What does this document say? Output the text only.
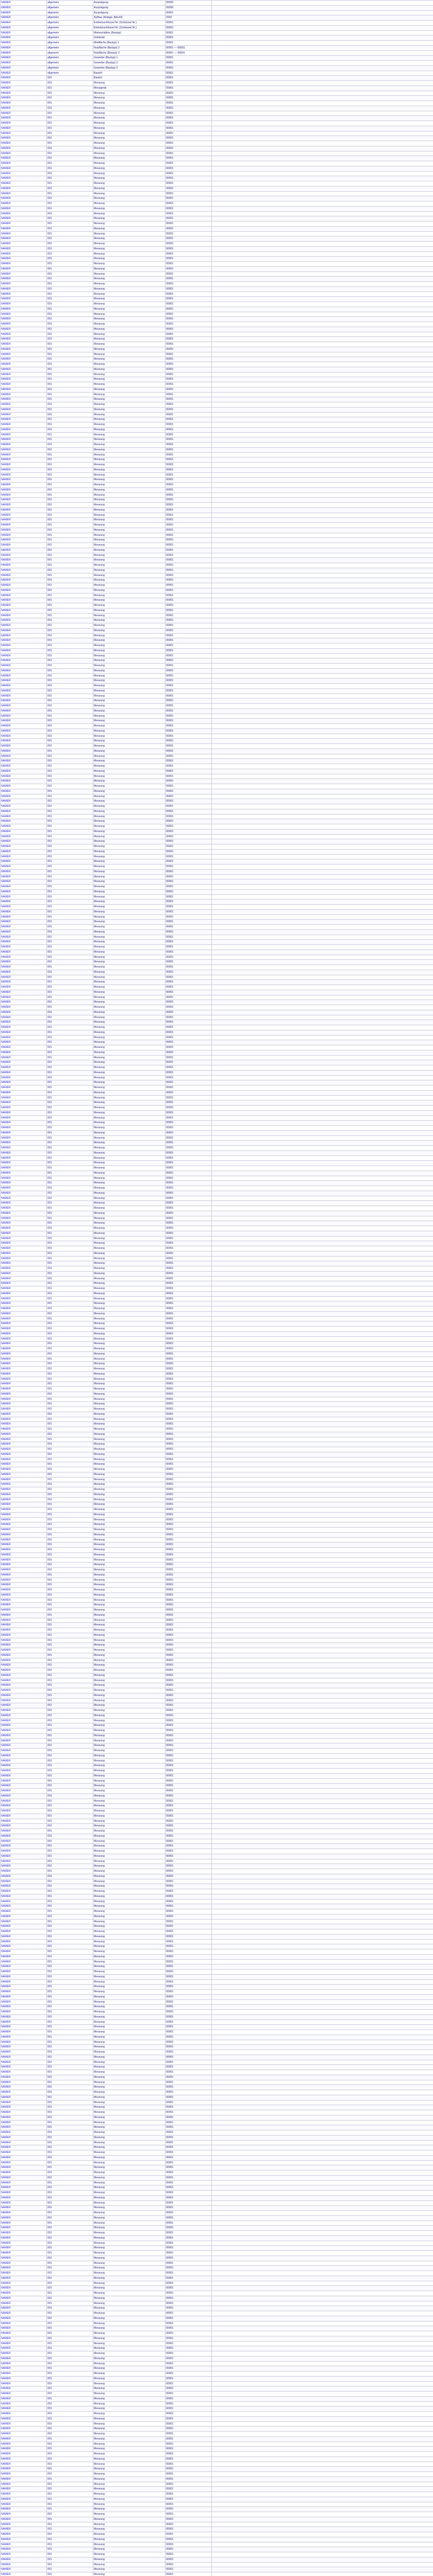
NAMER	allgemein	Ausprägung	00000	
NAMER	allgemein	Ausprägung	00000	
NAMER	allgemein	Ausprägung	00001	
NAMER	allgemein	Aufbau (Anlage, Bds-Kl)	2002	
NAMER	allgemein	Einheitsschlüssel Nr. (Schlüssel Nr.)	00001	
NAMER	allgemein	Einheitsschlüssel Nr. (Schlüssel Nr.)	00001	
NAMER	allgemein	Mietverhältnis (Bautyp)	00001	
NAMER	allgemein	Gebäude	00001	
NAMER	allgemein	Mietfläche (Bautyp) 1	00001	
NAMER	allgemein	Nutzfläche (Bautyp) 2	00001 — 00001	
NAMER	allgemein	Nutzfläche (Bautyp) 3	00001 — 00001	
NAMER	allgemein	Gewerbe (Bautyp) 1	00001	
NAMER	allgemein	Gewerbe (Bautyp) 2	00001	
NAMER	allgemein	Gewerbe (Bautyp) 3	00001	
NAMER	allgemein	Bauteil	00001	
NAMER	001	Bauteil	00001	
NAMER	001	Messung	00001	
NAMER	001	Messgerät	00001	
NAMER	001	Messung	00001	
NAMER	001	Messung	00001	
NAMER	001	Messung	00001	
NAMER	001	Messung	00001	
NAMER	001	Messung	00001	
NAMER	001	Messung	00001	
NAMER	001	Messung	00001	
NAMER	001	Messung	00001	
NAMER	001	Messung	00001	
NAMER	001	Messung	00001	
NAMER	001	Messung	00001	
NAMER	001	Messung	00001	
NAMER	001	Messung	00001	
NAMER	001	Messung	00001	
NAMER	001	Messung	00001	
NAMER	001	Messung	00001	
NAMER	001	Messung	00001	
NAMER	001	Messung	00001	
NAMER	001	Messung	00001	
NAMER	001	Messung	00001	
NAMER	001	Messung	00001	
NAMER	001	Messung	00001	
NAMER	001	Messung	00001	
NAMER	001	Messung	00001	
NAMER	001	Messung	00001	
NAMER	001	Messung	00001	
NAMER	001	Messung	00001	
NAMER	001	Messung	00001	
NAMER	001	Messung	00001	
NAMER	001	Messung	00001	
NAMER	001	Messung	00001	
NAMER	001	Messung	00001	
NAMER	001	Messung	00001	
NAMER	001	Messung	00001	
NAMER	001	Messung	00001	
NAMER	001	Messung	00001	
NAMER	001	Messung	00001	
NAMER	001	Messung	00001	
NAMER	001	Messung	00001	
NAMER	001	Messung	00001	
NAMER	001	Messung	00001	
NAMER	001	Messung	00001	
NAMER	001	Messung	00001	
NAMER	001	Messung	00001	
NAMER	001	Messung	00001	
NAMER	001	Messung	00001	
NAMER	001	Messung	00001	
NAMER	001	Messung	00001	
NAMER	001	Messung	00001	
NAMER	001	Messung	00001	
NAMER	001	Messung	00001	
NAMER	001	Messung	00001	
NAMER	001	Messung	00001	
NAMER	001	Messung	00001	
NAMER	001	Messung	00001	
NAMER	001	Messung	00001	
NAMER	001	Messung	00001	
NAMER	001	Messung	00001	
NAMER	001	Messung	00001	
NAMER	001	Messung	00001	
NAMER	001	Messung	00001	
NAMER	001	Messung	00001	
NAMER	001	Messung	00001	
NAMER	001	Messung	00001	
NAMER	001	Messung	00001	
NAMER	001	Messung	00001	
NAMER	001	Messung	00001	
NAMER	001	Messung	00001	
NAMER	001	Messung	00001	
NAMER	001	Messung	00001	
NAMER	001	Messung	00001	
NAMER	001	Messung	00001	
NAMER	001	Messung	00001	
NAMER	001	Messung	00001	
NAMER	001	Messung	00001	
NAMER	001	Messung	00001	
NAMER	001	Messung	00001	
NAMER	001	Messung	00001	
NAMER	001	Messung	00001	
NAMER	001	Messung	00001	
NAMER	001	Messung	00001	
NAMER	001	Messung	00001	
NAMER	001	Messung	00001	
NAMER	001	Messung	00001	
NAMER	001	Messung	00001	
NAMER	001	Messung	00001	
NAMER	001	Messung	00001	
NAMER	001	Messung	00001	
NAMER	001	Messung	00001	
NAMER	001	Messung	00001	
NAMER	001	Messung	00001	
NAMER	001	Messung	00001	
NAMER	001	Messung	00001	
NAMER	001	Messung	00001	
NAMER	001	Messung	00001	
NAMER	001	Messung	00001	
NAMER	001	Messung	00001	
NAMER	001	Messung	00001	
NAMER	001	Messung	00001	
NAMER	001	Messung	00001	
NAMER	001	Messung	00001	
NAMER	001	Messung	00001	
NAMER	001	Messung	00001	
NAMER	001	Messung	00001	
NAMER	001	Messung	00001	
NAMER	001	Messung	00001	
NAMER	001	Messung	00001	
NAMER	001	Messung	00001	
NAMER	001	Messung	00001	
NAMER	001	Messung	00001	
NAMER	001	Messung	00001	
NAMER	001	Messung	00001	
NAMER	001	Messung	00001	
NAMER	001	Messung	00001	
NAMER	001	Messung	00001	
NAMER	001	Messung	00001	
NAMER	001	Messung	00001	
NAMER	001	Messung	00001	
NAMER	001	Messung	00001	
NAMER	001	Messung	00001	
NAMER	001	Messung	00001	
NAMER	001	Messung	00001	
NAMER	001	Messung	00001	
NAMER	001	Messung	00001	
NAMER	001	Messung	00001	
NAMER	001	Messung	00001	
NAMER	001	Messung	00001	
NAMER	001	Messung	00001	
NAMER	001	Messung	00001	
NAMER	001	Messung	00001	
NAMER	001	Messung	00001	
NAMER	001	Messung	00001	
NAMER	001	Messung	00001	
NAMER	001	Messung	00001	
NAMER	001	Messung	00001	
NAMER	001	Messung	00001	
NAMER	001	Messung	00001	
NAMER	001	Messung	00001	
NAMER	001	Messung	00001	
NAMER	001	Messung	00001	
NAMER	001	Messung	00001	
NAMER	001	Messung	00001	
NAMER	001	Messung	00001	
NAMER	001	Messung	00001	
NAMER	001	Messung	00001	
NAMER	001	Messung	00001	
NAMER	001	Messung	00001	
NAMER	001	Messung	00001	
NAMER	001	Messung	00001	
NAMER	001	Messung	00001	
NAMER	001	Messung	00001	
NAMER	001	Messung	00001	
NAMER	001	Messung	00001	
NAMER	001	Messung	00001	
NAMER	001	Messung	00001	
NAMER	001	Messung	00001	
NAMER	001	Messung	00001	
NAMER	001	Messung	00001	
NAMER	001	Messung	00001	
NAMER	001	Messung	00001	
NAMER	001	Messung	00001	
NAMER	001	Messung	00001	
NAMER	001	Messung	00001	
NAMER	001	Messung	00001	
NAMER	001	Messung	00001	
NAMER	001	Messung	00001	
NAMER	001	Messung	00001	
NAMER	001	Messung	00001	
NAMER	001	Messung	00001	
NAMER	001	Messung	00001	
NAMER	001	Messung	00001	
NAMER	001	Messung	00001	
NAMER	001	Messung	00001	
NAMER	001	Messung	00001	
NAMER	001	Messung	00001	
NAMER	001	Messung	00001	
NAMER	001	Messung	00001	
NAMER	001	Messung	00001	
NAMER	001	Messung	00001	
NAMER	001	Messung	00001	
NAMER	001	Messung	00001	
NAMER	001	Messung	00001	
NAMER	001	Messung	00001	
NAMER	001	Messung	00001	
NAMER	001	Messung	00001	
NAMER	001	Messung	00001	
NAMER	001	Messung	00001	
NAMER	001	Messung	00001	
NAMER	001	Messung	00001	
NAMER	001	Messung	00001	
NAMER	001	Messung	00001	
NAMER	001	Messung	00001	
NAMER	001	Messung	00001	
NAMER	001	Messung	00001	
NAMER	001	Messung	00001	
NAMER	001	Messung	00001	
NAMER	001	Messung	00001	
NAMER	001	Messung	00001	
NAMER	001	Messung	00001	
NAMER	001	Messung	00001	
NAMER	001	Messung	00001	
NAMER	001	Messung	00001	
NAMER	001	Messung	00001	
NAMER	001	Messung	00001	
NAMER	001	Messung	00001	
NAMER	001	Messung	00001	
NAMER	001	Messung	00001	
NAMER	001	Messung	00001	
NAMER	001	Messung	00001	
NAMER	001	Messung	00001	
NAMER	001	Messung	00001	
NAMER	001	Messung	00001	
NAMER	001	Messung	00001	
NAMER	001	Messung	00001	
NAMER	001	Messung	00001	
NAMER	001	Messung	00001	
NAMER	001	Messung	00001	
NAMER	001	Messung	00001	
NAMER	001	Messung	00001	
NAMER	001	Messung	00001	
NAMER	001	Messung	00001	
NAMER	001	Messung	00001	
NAMER	001	Messung	00001	
NAMER	001	Messung	00001	
NAMER	001	Messung	00001	
NAMER	001	Messung	00001	
NAMER	001	Messung	00001	
NAMER	001	Messung	00001	
NAMER	001	Messung	00001	
NAMER	001	Messung	00001	
NAMER	001	Messung	00001	
NAMER	001	Messung	00001	
NAMER	001	Messung	00001	
NAMER	001	Messung	00001	
NAMER	001	Messung	00001	
NAMER	001	Messung	00001	
NAMER	001	Messung	00001	
NAMER	001	Messung	00001	
NAMER	001	Messung	00001	
NAMER	001	Messung	00001	
NAMER	001	Messung	00001	
NAMER	001	Messung	00001	
NAMER	001	Messung	00001	
NAMER	001	Messung	00001	
NAMER	001	Messung	00001	
NAMER	001	Messung	00001	
NAMER	001	Messung	00001	
NAMER	001	Messung	00001	
NAMER	001	Messung	00001	
NAMER	001	Messung	00001	
NAMER	001	Messung	00001	
NAMER	001	Messung	00001	
NAMER	001	Messung	00001	
NAMER	001	Messung	00001	
NAMER	001	Messung	00001	
NAMER	001	Messung	00001	
NAMER	001	Messung	00001	
NAMER	001	Messung	00001	
NAMER	001	Messung	00001	
NAMER	001	Messung	00001	
NAMER	001	Messung	00001	
NAMER	001	Messung	00001	
NAMER	001	Messung	00001	
NAMER	001	Messung	00001	
NAMER	001	Messung	00001	
NAMER	001	Messung	00001	
NAMER	001	Messung	00001	
NAMER	001	Messung	00001	
NAMER	001	Messung	00001	
NAMER	001	Messung	00001	
NAMER	001	Messung	00001	
NAMER	001	Messung	00001	
NAMER	001	Messung	00001	
NAMER	001	Messung	00001	
NAMER	001	Messung	00001	
NAMER	001	Messung	00001	
NAMER	001	Messung	00001	
NAMER	001	Messung	00001	
NAMER	001	Messung	00001	
NAMER	001	Messung	00001	
NAMER	001	Messung	00001	
NAMER	001	Messung	00001	
NAMER	001	Messung	00001	
NAMER	001	Messung	00001	
NAMER	001	Messung	00001	
NAMER	001	Messung	00001	
NAMER	001	Messung	00001	
NAMER	001	Messung	00001	
NAMER	001	Messung	00001	
NAMER	001	Messung	00001	
NAMER	001	Messung	00001	
NAMER	001	Messung	00001	
NAMER	001	Messung	00001	
NAMER	001	Messung	00001	
NAMER	001	Messung	00001	
NAMER	001	Messung	00001	
NAMER	001	Messung	00001	
NAMER	001	Messung	00001	
NAMER	001	Messung	00001	
NAMER	001	Messung	00001	
NAMER	001	Messung	00001	
NAMER	001	Messung	00001	
NAMER	001	Messung	00001	
NAMER	001	Messung	00001	
NAMER	001	Messung	00001	
NAMER	001	Messung	00001	
NAMER	001	Messung	00001	
NAMER	001	Messung	00001	
NAMER	001	Messung	00001	
NAMER	001	Messung	00001	
NAMER	001	Messung	00001	
NAMER	001	Messung	00001	
NAMER	001	Messung	00001	
NAMER	001	Messung	00001	
NAMER	001	Messung	00001	
NAMER	001	Messung	00001	
NAMER	001	Messung	00001	
NAMER	001	Messung	00001	
NAMER	001	Messung	00001	
NAMER	001	Messung	00001	
NAMER	001	Messung	00001	
NAMER	001	Messung	00001	
NAMER	001	Messung	00001	
NAMER	001	Messung	00001	
NAMER	001	Messung	00001	
NAMER	001	Messung	00001	
NAMER	001	Messung	00001	
NAMER	001	Messung	00001	
NAMER	001	Messung	00001	
NAMER	001	Messung	00001	
NAMER	001	Messung	00001	
NAMER	001	Messung	00001	
NAMER	001	Messung	00001	
NAMER	001	Messung	00001	
NAMER	001	Messung	00001	
NAMER	001	Messung	00001	
NAMER	001	Messung	00001	
NAMER	001	Messung	00001	
NAMER	001	Messung	00001	
NAMER	001	Messung	00001	
NAMER	001	Messung	00001	
NAMER	001	Messung	00001	
NAMER	001	Messung	00001	
NAMER	001	Messung	00001	
NAMER	001	Messung	00001	
NAMER	001	Messung	00001	
NAMER	001	Messung	00001	
NAMER	001	Messung	00001	
NAMER	001	Messung	00001	
NAMER	001	Messung	00001	
NAMER	001	Messung	00001	
NAMER	001	Messung	00001	
NAMER	001	Messung	00001	
NAMER	001	Messung	00001	
NAMER	001	Messung	00001	
NAMER	001	Messung	00001	
NAMER	001	Messung	00001	
NAMER	001	Messung	00001	
NAMER	001	Messung	00001	
NAMER	001	Messung	00001	
NAMER	001	Messung	00001	
NAMER	001	Messung	00001	
NAMER	001	Messung	00001	
NAMER	001	Messung	00001	
NAMER	001	Messung	00001	
NAMER	001	Messung	00001	
NAMER	001	Messung	00001	
NAMER	001	Messung	00001	
NAMER	001	Messung	00001	
NAMER	001	Messung	00001	
NAMER	001	Messung	00001	
NAMER	001	Messung	00001	
NAMER	001	Messung	00001	
NAMER	001	Messung	00001	
NAMER	001	Messung	00001	
NAMER	001	Messung	00001	
NAMER	001	Messung	00001	
NAMER	001	Messung	00001	
NAMER	001	Messung	00001	
NAMER	001	Messung	00001	
NAMER	001	Messung	00001	
NAMER	001	Messung	00001	
NAMER	001	Messung	00001	
NAMER	001	Messung	00001	
NAMER	001	Messung	00001	
NAMER	001	Messung	00001	
NAMER	001	Messung	00001	
NAMER	001	Messung	00001	
NAMER	001	Messung	00001	
NAMER	001	Messung	00001	
NAMER	001	Messung	00001	
NAMER	001	Messung	00001	
NAMER	001	Messung	00001	
NAMER	001	Messung	00001	
NAMER	001	Messung	00001	
NAMER	001	Messung	00001	
NAMER	001	Messung	00001	
NAMER	001	Messung	00001	
NAMER	001	Messung	00001	
NAMER	001	Messung	00001	
NAMER	001	Messung	00001	
NAMER	001	Messung	00001	
NAMER	001	Messung	00001	
NAMER	001	Messung	00001	
NAMER	001	Messung	00001	
NAMER	001	Messung	00001	
NAMER	001	Messung	00001	
NAMER	001	Messung	00001	
NAMER	001	Messung	00001	
NAMER	001	Messung	00001	
NAMER	001	Messung	00001	
NAMER	001	Messung	00001	
NAMER	001	Messung	00001	
NAMER	001	Messung	00001	
NAMER	001	Messung	00001	
NAMER	001	Messung	00001	
NAMER	001	Messung	00001	
NAMER	001	Messung	00001	
NAMER	001	Messung	00001	
NAMER	001	Messung	00001	
NAMER	001	Messung	00001	
NAMER	001	Messung	00001	
NAMER	001	Messung	00001	
NAMER	001	Messung	00001	
NAMER	001	Messung	00001	
NAMER	001	Messung	00001	
NAMER	001	Messung	00001	
NAMER	001	Messung	00001	
NAMER	001	Messung	00001	
NAMER	001	Messung	00001	
NAMER	001	Messung	00001	
NAMER	001	Messung	00001	
NAMER	001	Messung	00001	
NAMER	001	Messung	00001	
NAMER	001	Messung	00001	
NAMER	001	Messung	00001	
NAMER	001	Messung	00001	
NAMER	001	Messung	00001	
NAMER	001	Messung	00001	
NAMER	001	Messung	00001	
NAMER	001	Messung	00001	
NAMER	001	Messung	00001	
NAMER	001	Messung	00001	
NAMER	001	Messung	00001	
NAMER	001	Messung	00001	
NAMER	001	Messung	00001	
NAMER	001	Messung	00001	
NAMER	001	Messung	00001	
NAMER	001	Messung	00001	
NAMER	001	Messung	00001	
NAMER	001	Messung	00001	
NAMER	001	Messung	00001	
NAMER	001	Messung	00001	
NAMER	001	Messung	00001	
NAMER	001	Messung	00001	
NAMER	001	Messung	00001	
NAMER	001	Messung	00001	
NAMER	001	Messung	00001	
NAMER	001	Messung	00001	
NAMER	001	Messung	00001	
NAMER	001	Messung	00001	
NAMER	001	Messung	00001	
NAMER	001	Messung	00001	
NAMER	001	Messung	00001	
NAMER	001	Messung	00001	
NAMER	001	Messung	00001	
NAMER	001	Messung	00001	
NAMER	001	Messung	00001	
NAMER	001	Messung	00001	
NAMER	001	Messung	00001	
NAMER	001	Messung	00001	
NAMER	001	Messung	00001	
NAMER	001	Messung	00001	
NAMER	001	Messung	00001	
NAMER	001	Messung	00001	
NAMER	001	Messung	00001	
NAMER	001	Messung	00001	
NAMER	001	Messung	00001	
NAMER	001	Messung	00001	
NAMER	001	Messung	00001	
NAMER	001	Messung	00001	
NAMER	001	Messung	00001	
NAMER	001	Messung	00001	
NAMER	001	Messung	00001	
NAMER	001	Messung	00001	
NAMER	001	Messung	00001	
NAMER	001	Messung	00001	
NAMER	001	Messung	00001	
NAMER	001	Messung	00001	
NAMER	001	Messung	00001	
NAMER	001	Messung	00001	
NAMER	001	Messung	00001	
NAMER	001	Messung	00001	
NAMER	001	Messung	00001	
NAMER	001	Messung	00001	
